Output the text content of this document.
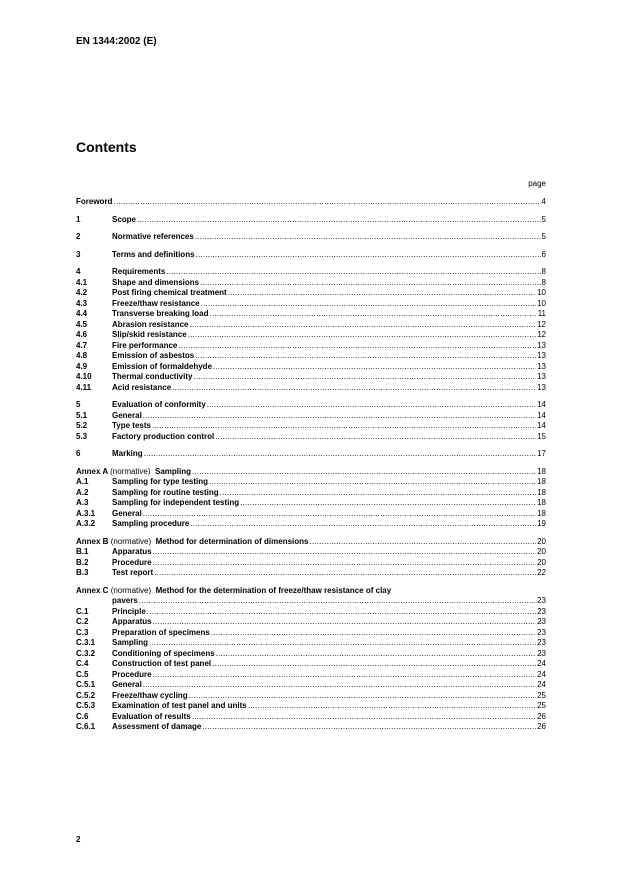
EN 1344:2002 (E)
Contents
page
Foreword .....	4
1	Scope .....	5
2	Normative references .....	5
3	Terms and definitions .....	6
4	Requirements .....	8
4.1	Shape and dimensions .....	8
4.2	Post firing chemical treatment .....	10
4.3	Freeze/thaw resistance .....	10
4.4	Transverse breaking load .....	11
4.5	Abrasion resistance .....	12
4.6	Slip/skid resistance .....	12
4.7	Fire performance .....	13
4.8	Emission of asbestos .....	13
4.9	Emission of formaldehyde .....	13
4.10	Thermal conductivity .....	13
4.11	Acid resistance .....	13
5	Evaluation of conformity .....	14
5.1	General .....	14
5.2	Type tests .....	14
5.3	Factory production control .....	15
6	Marking .....	17
Annex A (normative) Sampling .....	18
A.1	Sampling for type testing .....	18
A.2	Sampling for routine testing .....	18
A.3	Sampling for independent testing .....	18
A.3.1	General .....	18
A.3.2	Sampling procedure .....	19
Annex B (normative) Method for determination of dimensions .....	20
B.1	Apparatus .....	20
B.2	Procedure .....	20
B.3	Test report .....	22
Annex C (normative) Method for the determination of freeze/thaw resistance of clay
pavers .....	23
C.1	Principle .....	23
C.2	Apparatus .....	23
C.3	Preparation of specimens .....	23
C.3.1	Sampling .....	23
C.3.2	Conditioning of specimens .....	23
C.4	Construction of test panel .....	24
C.5	Procedure .....	24
C.5.1	General .....	24
C.5.2	Freeze/thaw cycling .....	25
C.5.3	Examination of test panel and units .....	25
C.6	Evaluation of results .....	26
C.6.1	Assessment of damage .....	26
2
